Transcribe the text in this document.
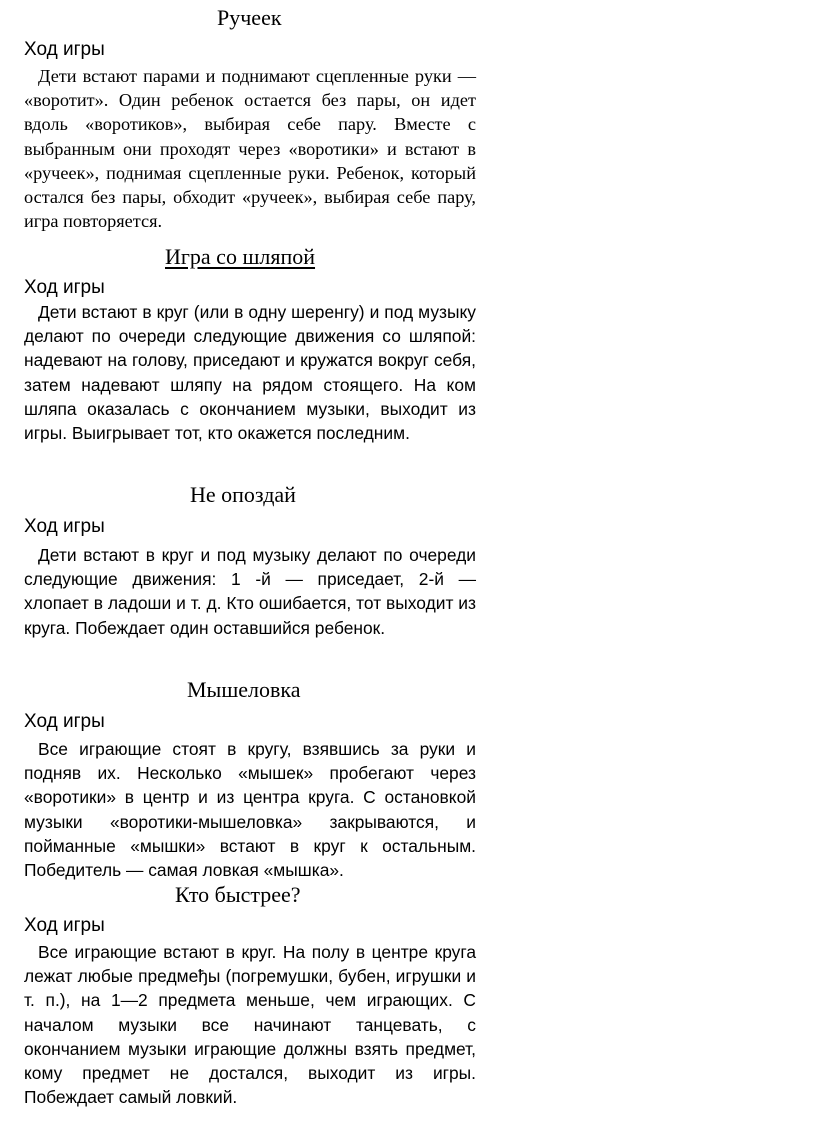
Ручеек
Ход игры

Дети встают парами и поднимают сцепленные руки — «воротит». Один ребенок остается без пары, он идет вдоль «воротиков», выбирая себе пару. Вместе с выбранным они проходят через «воротики» и встают в «ручеек», поднимая сцепленные руки. Ребенок, который остался без пары, обходит «ручеек», выбирая себе пару, игра повторяется.

Игра со шляпой
Ход игры

Дети встают в круг (или в одну шеренгу) и под музыку делают по очереди следующие движения со шляпой: надевают на голову, приседают и кружатся вокруг себя, затем надевают шляпу на рядом стоящего. На ком шляпа оказалась с окончанием музыки, выходит из игры. Выигрывает тот, кто окажется последним.

Не опоздай
Ход игры

Дети встают в круг и под музыку делают по очереди следующие движения: 1 -й — приседает, 2-й — хлопает в ладоши и т. д. Кто ошибается, тот выходит из круга. Побеждает один оставшийся ребенок.

Мышеловка
Ход игры

Все играющие стоят в кругу, взявшись за руки и подняв их. Несколько «мышек» пробегают через «воротики» в центр и из центра круга. С остановкой музыки «воротики-мышеловка» закрываются, и пойманные «мышки» встают в круг к остальным. Победитель — самая ловкая «мышка».

Кто быстрее?
Ход игры

Все играющие встают в круг. На полу в центре круга лежат любые предмеђы (погремушки, бубен, игрушки и т. п.), на 1—2 предмета меньше, чем играющих. С началом музыки все начинают танцевать, с окончанием музыки играющие должны взять предмет, кому предмет не достался, выходит из игры. Побеждает самый ловкий.
